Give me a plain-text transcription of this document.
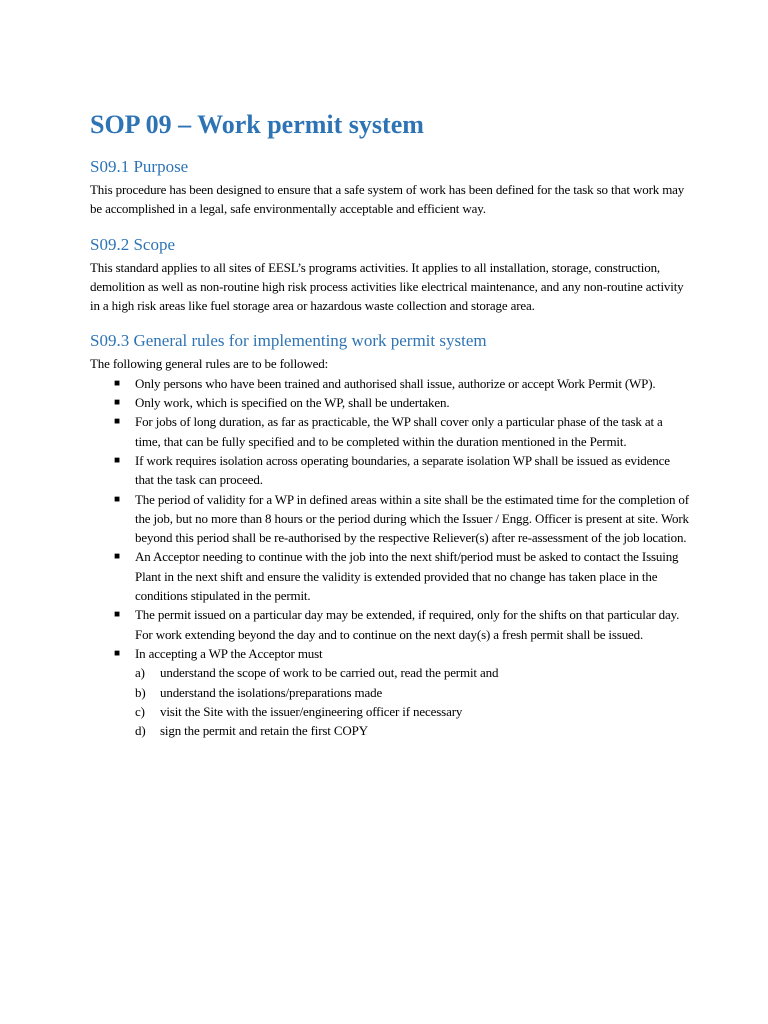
SOP 09 – Work permit system
S09.1 Purpose

This procedure has been designed to ensure that a safe system of work has been defined for the task so that work may be accomplished in a legal, safe environmentally acceptable and efficient way.

S09.2 Scope

This standard applies to all sites of EESL’s programs activities. It applies to all installation, storage, construction, demolition as well as non-routine high risk process activities like electrical maintenance, and any non-routine activity in a high risk areas like fuel storage area or hazardous waste collection and storage area.

S09.3 General rules for implementing work permit system

The following general rules are to be followed:

■ Only persons who have been trained and authorised shall issue, authorize or accept Work Permit (WP).
■ Only work, which is specified on the WP, shall be undertaken.
■ For jobs of long duration, as far as practicable, the WP shall cover only a particular phase of the task at a time, that can be fully specified and to be completed within the duration mentioned in the Permit.
■ If work requires isolation across operating boundaries, a separate isolation WP shall be issued as evidence that the task can proceed.
■ The period of validity for a WP in defined areas within a site shall be the estimated time for the completion of the job, but no more than 8 hours or the period during which the Issuer / Engg. Officer is present at site. Work beyond this period shall be re-authorised by the respective Reliever(s) after re-assessment of the job location.
■ An Acceptor needing to continue with the job into the next shift/period must be asked to contact the Issuing Plant in the next shift and ensure the validity is extended provided that no change has taken place in the conditions stipulated in the permit.
■ The permit issued on a particular day may be extended, if required, only for the shifts on that particular day. For work extending beyond the day and to continue on the next day(s) a fresh permit shall be issued.
■ In accepting a WP the Acceptor must
a) understand the scope of work to be carried out, read the permit and
b) understand the isolations/preparations made
c) visit the Site with the issuer/engineering officer if necessary
d) sign the permit and retain the first COPY
